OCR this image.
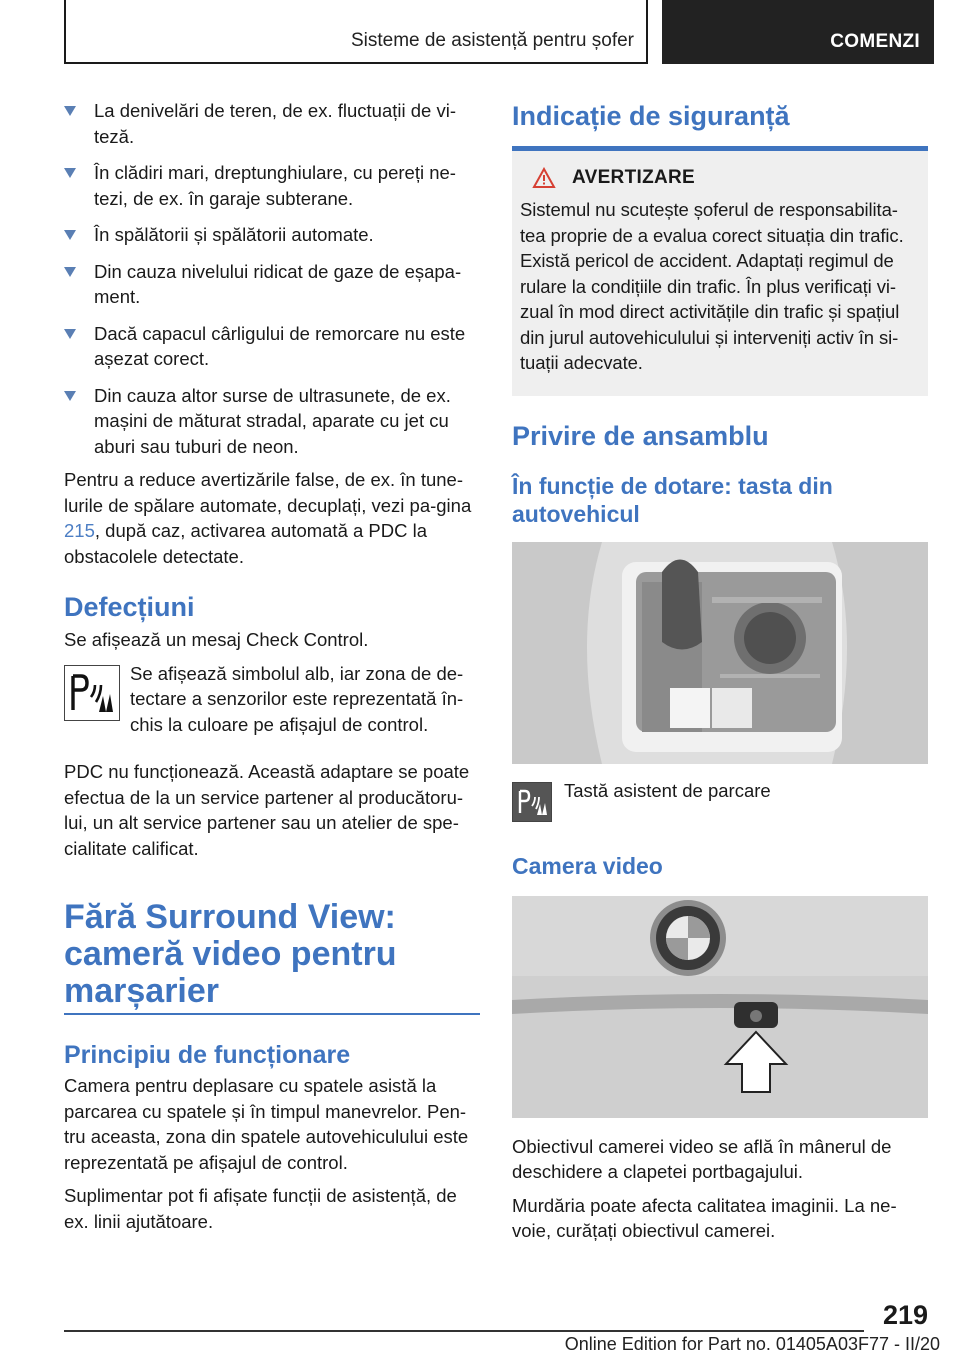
Sisteme de asistență pentru șofer	COMENZI
La denivelări de teren, de ex. fluctuații de vi-teză.
În clădiri mari, dreptunghiulare, cu pereți ne-tezi, de ex. în garaje subterane.
În spălătorii și spălătorii automate.
Din cauza nivelului ridicat de gaze de eșapa-ment.
Dacă capacul cârligului de remorcare nu este așezat corect.
Din cauza altor surse de ultrasunete, de ex. mașini de măturat stradal, aparate cu jet cu aburi sau tuburi de neon.

Pentru a reduce avertizările false, de ex. în tune-lurile de spălare automate, decuplați, vezi pa-gina 215, după caz, activarea automată a PDC la obstacolele detectate.

Defecțiuni

Se afișează un mesaj Check Control.

Se afișează simbolul alb, iar zona de de-tectare a senzorilor este reprezentată în-chis la culoare pe afișajul de control.

PDC nu funcționează. Această adaptare se poate efectua de la un service partener al producătoru-lui, un alt service partener sau un atelier de spe-cialitate calificat.

Fără Surround View:
cameră video pentru
marșarier
Principiu de funcționare

Camera pentru deplasare cu spatele asistă la parcarea cu spatele și în timpul manevrelor. Pen-tru aceasta, zona din spatele autovehiculului este reprezentată pe afișajul de control.

Suplimentar pot fi afișate funcții de asistență, de ex. linii ajutătoare.

Indicație de siguranță
AVERTIZARE

Sistemul nu scutește șoferul de responsabilita-tea proprie de a evalua corect situația din trafic. Există pericol de accident. Adaptați regimul de rulare la condițiile din trafic. În plus verificați vi-zual în mod direct activitățile din trafic și spațiul din jurul autovehiculului și interveniți activ în si-tuații adecvate.

Privire de ansamblu
În funcție de dotare: tasta din autovehicul

Tastă asistent de parcare

Camera video

Obiectivul camerei video se află în mânerul de deschidere a clapetei portbagajului.

Murdăria poate afecta calitatea imaginii. La ne-voie, curățați obiectivul camerei.

219
Online Edition for Part no. 01405A03F77 - II/20
